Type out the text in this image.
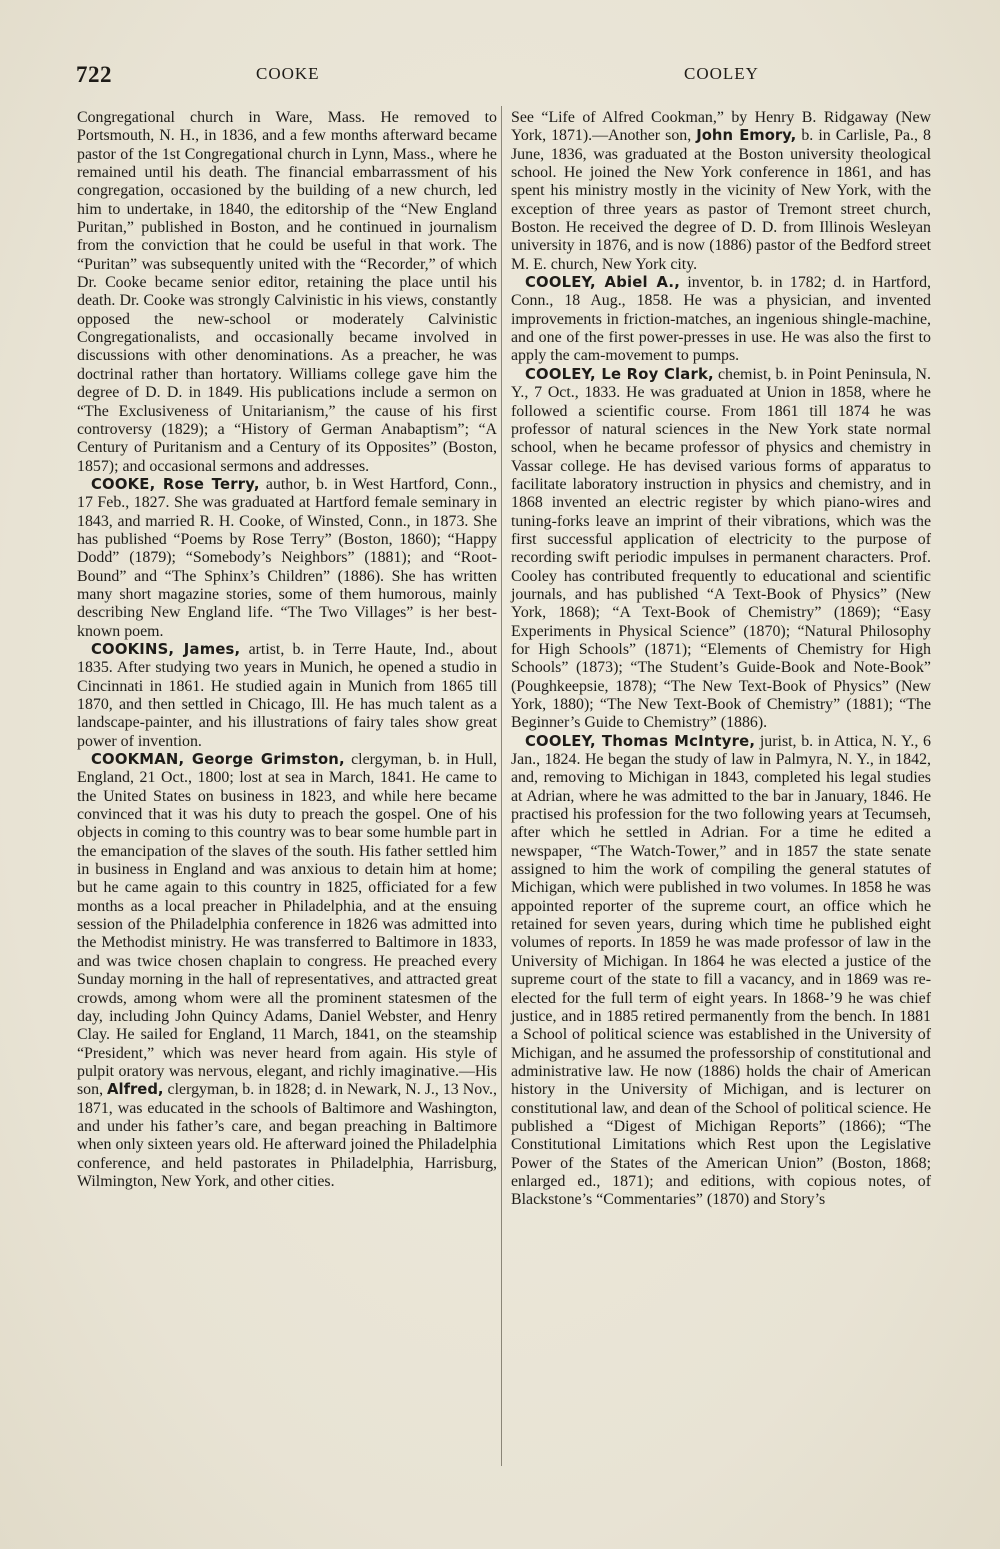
722	COOKE	COOLEY

Congregational church in Ware, Mass. He removed to Portsmouth, N. H., in 1836, and a few months afterward became pastor of the 1st Congregational church in Lynn, Mass., where he remained until his death. The financial embarrassment of his congregation, occasioned by the building of a new church, led him to undertake, in 1840, the editorship of the “New England Puritan,” published in Boston, and he continued in journalism from the conviction that he could be useful in that work. The “Puritan” was subsequently united with the “Recorder,” of which Dr. Cooke became senior editor, retaining the place until his death. Dr. Cooke was strongly Calvinistic in his views, constantly opposed the new-school or moderately Calvinistic Congregationalists, and occasionally became involved in discussions with other denominations. As a preacher, he was doctrinal rather than hortatory. Williams college gave him the degree of D. D. in 1849. His publications include a sermon on “The Exclusiveness of Unitarianism,” the cause of his first controversy (1829); a “History of German Anabaptism”; “A Century of Puritanism and a Century of its Opposites” (Boston, 1857); and occasional sermons and addresses.

COOKE, Rose Terry, author, b. in West Hartford, Conn., 17 Feb., 1827. She was graduated at Hartford female seminary in 1843, and married R. H. Cooke, of Winsted, Conn., in 1873. She has published “Poems by Rose Terry” (Boston, 1860); “Happy Dodd” (1879); “Somebody’s Neighbors” (1881); and “Root-Bound” and “The Sphinx’s Children” (1886). She has written many short magazine stories, some of them humorous, mainly describing New England life. “The Two Villages” is her best-known poem.

COOKINS, James, artist, b. in Terre Haute, Ind., about 1835. After studying two years in Munich, he opened a studio in Cincinnati in 1861. He studied again in Munich from 1865 till 1870, and then settled in Chicago, Ill. He has much talent as a landscape-painter, and his illustrations of fairy tales show great power of invention.

COOKMAN, George Grimston, clergyman, b. in Hull, England, 21 Oct., 1800; lost at sea in March, 1841. He came to the United States on business in 1823, and while here became convinced that it was his duty to preach the gospel. One of his objects in coming to this country was to bear some humble part in the emancipation of the slaves of the south. His father settled him in business in England and was anxious to detain him at home; but he came again to this country in 1825, officiated for a few months as a local preacher in Philadelphia, and at the ensuing session of the Philadelphia conference in 1826 was admitted into the Methodist ministry. He was transferred to Baltimore in 1833, and was twice chosen chaplain to congress. He preached every Sunday morning in the hall of representatives, and attracted great crowds, among whom were all the prominent statesmen of the day, including John Quincy Adams, Daniel Webster, and Henry Clay. He sailed for England, 11 March, 1841, on the steamship “President,” which was never heard from again. His style of pulpit oratory was nervous, elegant, and richly imaginative.—His son, Alfred, clergyman, b. in 1828; d. in Newark, N. J., 13 Nov., 1871, was educated in the schools of Baltimore and Washington, and under his father’s care, and began preaching in Baltimore when only sixteen years old. He afterward joined the Philadelphia conference, and held pastorates in Philadelphia, Harrisburg, Wilmington, New York, and other cities.

See “Life of Alfred Cookman,” by Henry B. Ridgaway (New York, 1871).—Another son, John Emory, b. in Carlisle, Pa., 8 June, 1836, was graduated at the Boston university theological school. He joined the New York conference in 1861, and has spent his ministry mostly in the vicinity of New York, with the exception of three years as pastor of Tremont street church, Boston. He received the degree of D. D. from Illinois Wesleyan university in 1876, and is now (1886) pastor of the Bedford street M. E. church, New York city.

COOLEY, Abiel A., inventor, b. in 1782; d. in Hartford, Conn., 18 Aug., 1858. He was a physician, and invented improvements in friction-matches, an ingenious shingle-machine, and one of the first power-presses in use. He was also the first to apply the cam-movement to pumps.

COOLEY, Le Roy Clark, chemist, b. in Point Peninsula, N. Y., 7 Oct., 1833. He was graduated at Union in 1858, where he followed a scientific course. From 1861 till 1874 he was professor of natural sciences in the New York state normal school, when he became professor of physics and chemistry in Vassar college. He has devised various forms of apparatus to facilitate laboratory instruction in physics and chemistry, and in 1868 invented an electric register by which piano-wires and tuning-forks leave an imprint of their vibrations, which was the first successful application of electricity to the purpose of recording swift periodic impulses in permanent characters. Prof. Cooley has contributed frequently to educational and scientific journals, and has published “A Text-Book of Physics” (New York, 1868); “A Text-Book of Chemistry” (1869); “Easy Experiments in Physical Science” (1870); “Natural Philosophy for High Schools” (1871); “Elements of Chemistry for High Schools” (1873); “The Student’s Guide-Book and Note-Book” (Poughkeepsie, 1878); “The New Text-Book of Physics” (New York, 1880); “The New Text-Book of Chemistry” (1881); “The Beginner’s Guide to Chemistry” (1886).

COOLEY, Thomas McIntyre, jurist, b. in Attica, N. Y., 6 Jan., 1824. He began the study of law in Palmyra, N. Y., in 1842, and, removing to Michigan in 1843, completed his legal studies at Adrian, where he was admitted to the bar in January, 1846. He practised his profession for the two following years at Tecumseh, after which he settled in Adrian. For a time he edited a newspaper, “The Watch-Tower,” and in 1857 the state senate assigned to him the work of compiling the general statutes of Michigan, which were published in two volumes. In 1858 he was appointed reporter of the supreme court, an office which he retained for seven years, during which time he published eight volumes of reports. In 1859 he was made professor of law in the University of Michigan. In 1864 he was elected a justice of the supreme court of the state to fill a vacancy, and in 1869 was re-elected for the full term of eight years. In 1868-’9 he was chief justice, and in 1885 retired permanently from the bench. In 1881 a School of political science was established in the University of Michigan, and he assumed the professorship of constitutional and administrative law. He now (1886) holds the chair of American history in the University of Michigan, and is lecturer on constitutional law, and dean of the School of political science. He published a “Digest of Michigan Reports” (1866); “The Constitutional Limitations which Rest upon the Legislative Power of the States of the American Union” (Boston, 1868; enlarged ed., 1871); and editions, with copious notes, of Blackstone’s “Commentaries” (1870) and Story’s
